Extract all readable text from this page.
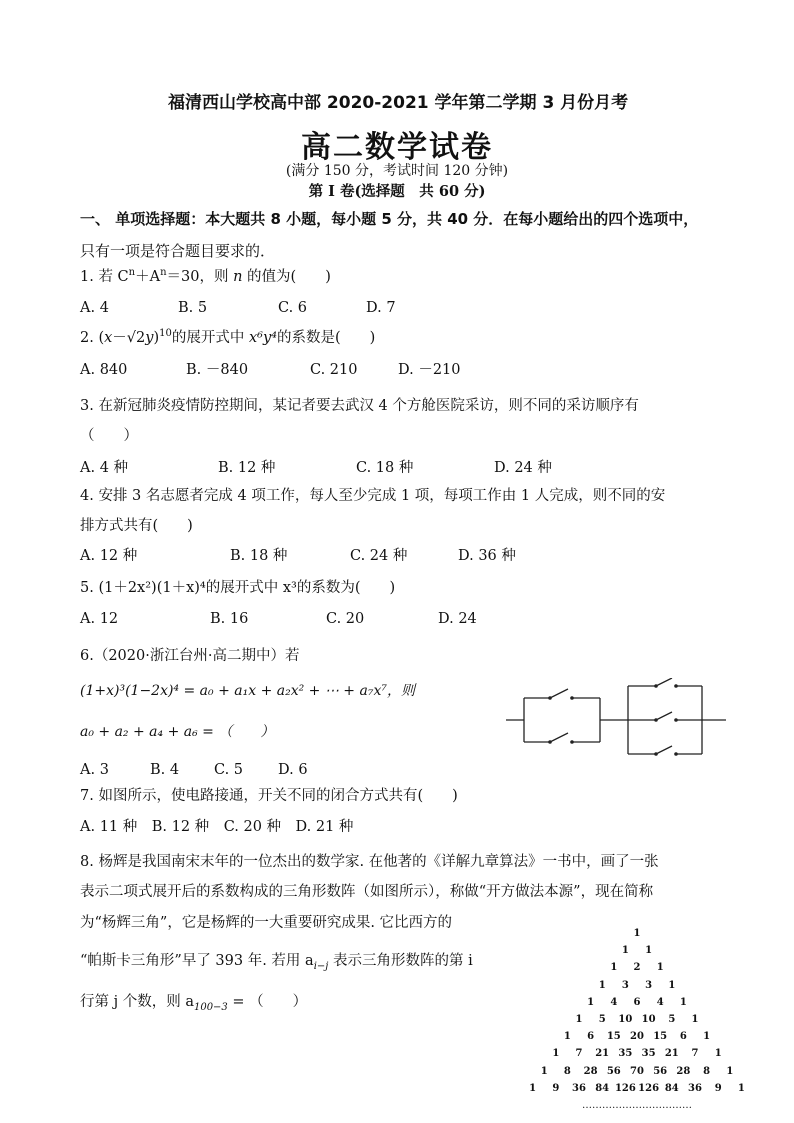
福清西山学校高中部 2020-2021 学年第二学期 3 月份月考
高二数学试卷
(满分 150 分，考试时间 120 分钟)
第 I 卷(选择题　共 60 分)
一、 单项选择题：本大题共 8 小题，每小题 5 分，共 40 分．在每小题给出的四个选项中，
只有一项是符合题目要求的．
1. 若 $C^n+A^n=30$，则 n 的值为(　　)
A. 4	B. 5	C. 6	D. 7
2. $(x-√2y)^{10}$的展开式中 x⁶y⁴的系数是(　　)
A. 840	B. －840	C. 210	D. －210
3. 在新冠肺炎疫情防控期间，某记者要去武汉 4 个方舱医院采访，则不同的采访顺序有
（　　）
A. 4 种	B. 12 种	C. 18 种	D. 24 种
4. 安排 3 名志愿者完成 4 项工作，每人至少完成 1 项，每项工作由 1 人完成，则不同的安
排方式共有(　　)
A. 12 种	B. 18 种	C. 24 种	D. 36 种
5. (1＋2x²)(1＋x)⁴的展开式中 x³的系数为(　　)
A. 12	B. 16	C. 20	D. 24
6.（2020·浙江台州·高二期中）若
(1+x)³(1−2x)⁴ = a₀ + a₁x + a₂x² + ⋯ + a₇x⁷，则
a₀ + a₂ + a₄ + a₆ = （　　）
A. 3	B. 4 C. 5 D. 6
7. 如图所示，使电路接通，开关不同的闭合方式共有(　　)
A. 11 种　 B. 12 种　 C. 20 种　 D. 21 种
8. 杨辉是我国南宋末年的一位杰出的数学家. 在他著的《详解九章算法》一书中，画了一张
表示二项式展开后的系数构成的三角形数阵（如图所示），称做“开方做法本源”，现在简称
为“杨辉三角”，它是杨辉的一大重要研究成果. 它比西方的
“帕斯卡三角形”早了 393 年. 若用 $a_{i-j}$ 表示三角形数阵的第 i
行第 j 个数，则 $a_{100-3}$ = （　　）
1
1 1
1 2 1
1 3 3 1
1 4 6 4 1
1 5 10 10 5 1
1 6 15 20 15 6 1
1 7 21 35 35 21 7 1
1 8 28 56 70 56 28 8 1
1 9 36 84 126 126 84 36 9 1
……………………………
